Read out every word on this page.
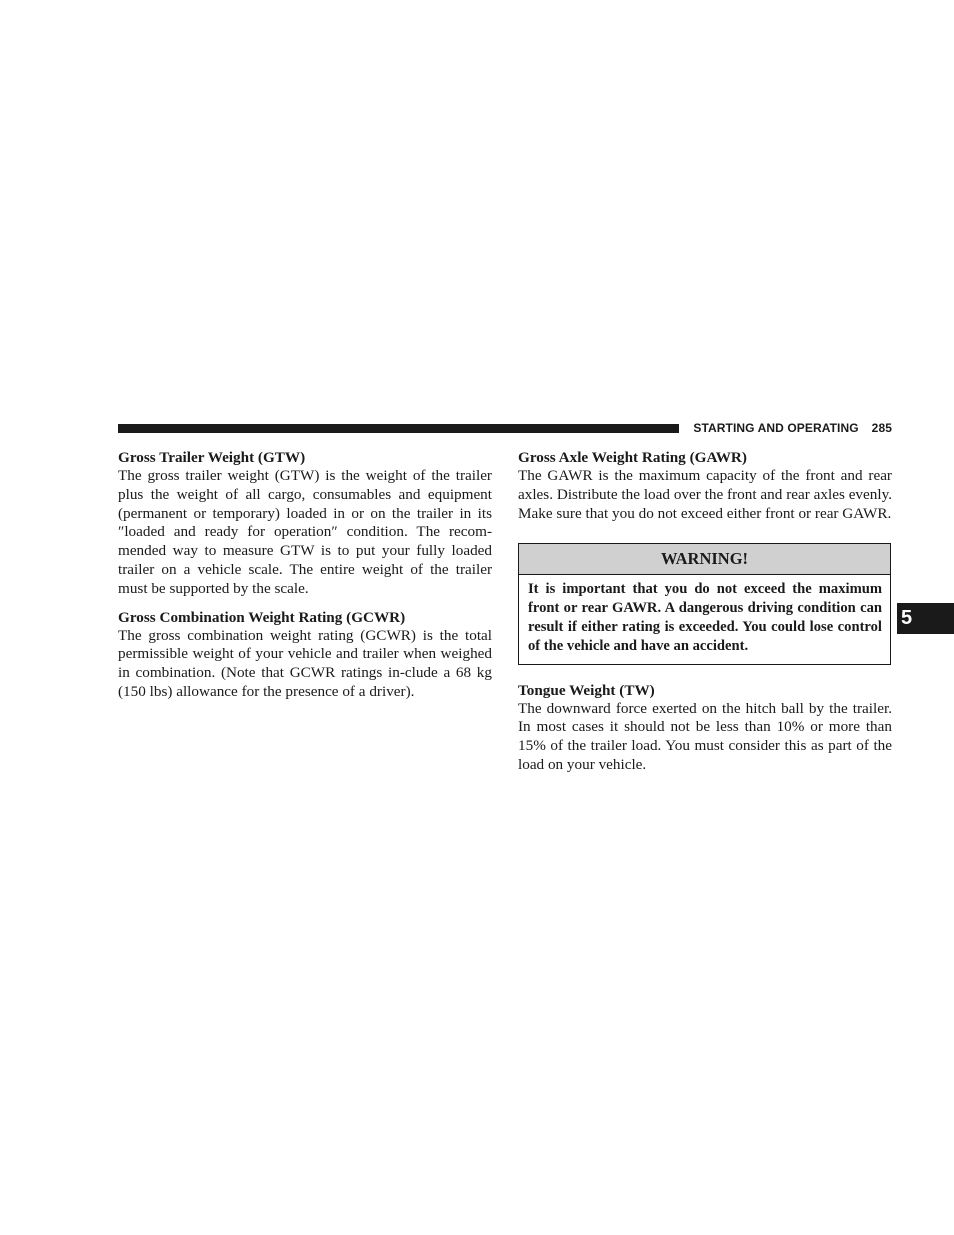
STARTING AND OPERATING 285
Gross Trailer Weight (GTW)

The gross trailer weight (GTW) is the weight of the trailer plus the weight of all cargo, consumables and equipment (permanent or temporary) loaded in or on the trailer in its ″loaded and ready for operation″ condition. The recom-mended way to measure GTW is to put your fully loaded trailer on a vehicle scale. The entire weight of the trailer must be supported by the scale.

Gross Combination Weight Rating (GCWR)

The gross combination weight rating (GCWR) is the total permissible weight of your vehicle and trailer when weighed in combination. (Note that GCWR ratings in-clude a 68 kg (150 lbs) allowance for the presence of a driver).

Gross Axle Weight Rating (GAWR)

The GAWR is the maximum capacity of the front and rear axles. Distribute the load over the front and rear axles evenly. Make sure that you do not exceed either front or rear GAWR.

WARNING!
It is important that you do not exceed the maximum front or rear GAWR. A dangerous driving condition can result if either rating is exceeded. You could lose control of the vehicle and have an accident.
Tongue Weight (TW)

The downward force exerted on the hitch ball by the trailer. In most cases it should not be less than 10% or more than 15% of the trailer load. You must consider this as part of the load on your vehicle.

5
